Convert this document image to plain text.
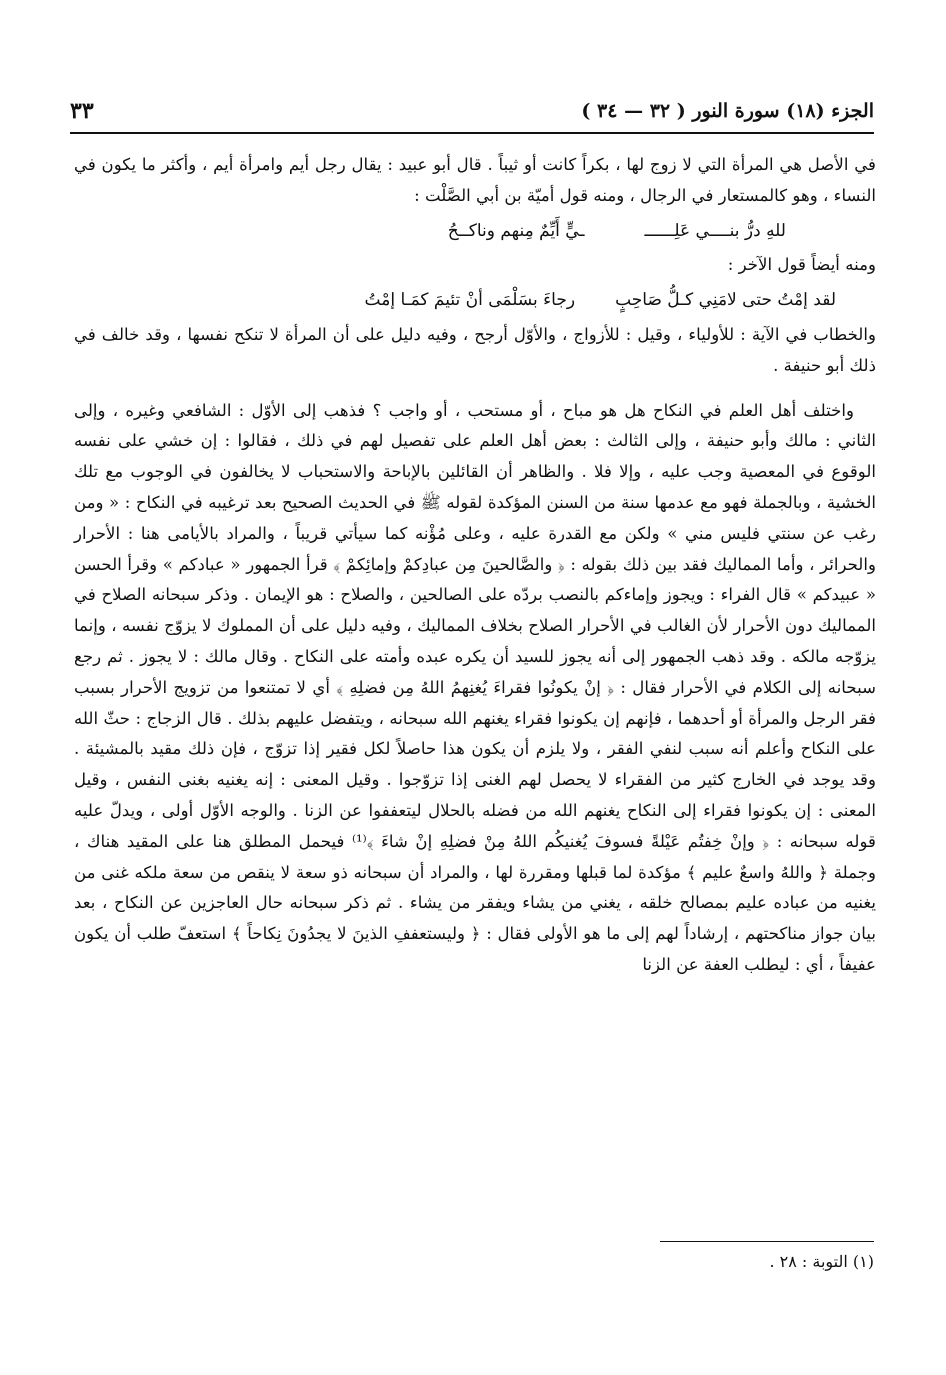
الجزء (١٨) سورة النور ( ٣٢ — ٣٤ )
٣٣

في الأصل هي المرأة التي لا زوج لها ، بكراً كانت أو ثيباً . قال أبو عبيد : يقال رجل أيم وامرأة أيم ، وأكثر ما يكون في النساء ، وهو كالمستعار في الرجال ، ومنه قول أميّة بن أبي الصَّلْت :

للهِ درُّ بنــــي عَلِــــــ
ـيٍّ أَيِّمٌ مِنهم وناكــحُ

ومنه أيضاً قول الآخر :

لقد إمْتُ حتى لامَنِي كـلُّ صَاحِبٍ
رجاءَ بسَلْمَى أنْ تئيمَ كمَـا إمْتُ

والخطاب في الآية : للأولياء ، وقيل : للأزواج ، والأوّل أرجح ، وفيه دليل على أن المرأة لا تنكح نفسها ، وقد خالف في ذلك أبو حنيفة .

واختلف أهل العلم في النكاح هل هو مباح ، أو مستحب ، أو واجب ؟ فذهب إلى الأوّل : الشافعي وغيره ، وإلى الثاني : مالك وأبو حنيفة ، وإلى الثالث : بعض أهل العلم على تفصيل لهم في ذلك ، فقالوا : إن خشي على نفسه الوقوع في المعصية وجب عليه ، وإلا فلا . والظاهر أن القائلين بالإباحة والاستحباب لا يخالفون في الوجوب مع تلك الخشية ، وبالجملة فهو مع عدمها سنة من السنن المؤكدة لقوله ﷺ في الحديث الصحيح بعد ترغيبه في النكاح : « ومن رغب عن سنتي فليس مني » ولكن مع القدرة عليه ، وعلى مُؤْنه كما سيأتي قريباً ، والمراد بالأيامى هنا : الأحرار والحرائر ، وأما المماليك فقد بين ذلك بقوله : ﴿ والصَّالحينَ مِن عبادِكمْ وإمائِكمْ ﴾ قرأ الجمهور « عبادكم » وقرأ الحسن « عبيدكم » قال الفراء : ويجوز وإماءكم بالنصب بردّه على الصالحين ، والصلاح : هو الإيمان . وذكر سبحانه الصلاح في المماليك دون الأحرار لأن الغالب في الأحرار الصلاح بخلاف المماليك ، وفيه دليل على أن المملوك لا يزوّج نفسه ، وإنما يزوّجه مالكه . وقد ذهب الجمهور إلى أنه يجوز للسيد أن يكره عبده وأمته على النكاح . وقال مالك : لا يجوز . ثم رجع سبحانه إلى الكلام في الأحرار فقال : ﴿ إنْ يكونُوا فقراءَ يُغنِهمُ اللهُ مِن فضلِهِ ﴾ أي لا تمتنعوا من تزويج الأحرار بسبب فقر الرجل والمرأة أو أحدهما ، فإنهم إن يكونوا فقراء يغنهم الله سبحانه ، ويتفضل عليهم بذلك . قال الزجاج : حثّ الله على النكاح وأعلم أنه سبب لنفي الفقر ، ولا يلزم أن يكون هذا حاصلاً لكل فقير إذا تزوّج ، فإن ذلك مقيد بالمشيئة . وقد يوجد في الخارج كثير من الفقراء لا يحصل لهم الغنى إذا تزوّجوا . وقيل المعنى : إنه يغنيه بغنى النفس ، وقيل المعنى : إن يكونوا فقراء إلى النكاح يغنهم الله من فضله بالحلال ليتعففوا عن الزنا . والوجه الأوّل أولى ، ويدلّ عليه قوله سبحانه : ﴿ وإنْ خِفتُم عَيْلةً فسوفَ يُغنيكُم اللهُ مِنْ فضلِهِ إنْ شاءَ ﴾⁽¹⁾ فيحمل المطلق هنا على المقيد هناك ، وجملة ﴿ واللهُ واسعٌ عليم ﴾ مؤكدة لما قبلها ومقررة لها ، والمراد أن سبحانه ذو سعة لا ينقص من سعة ملكه غنى من يغنيه من عباده عليم بمصالح خلقه ، يغني من يشاء ويفقر من يشاء . ثم ذكر سبحانه حال العاجزين عن النكاح ، بعد بيان جواز مناكحتهم ، إرشاداً لهم إلى ما هو الأولى فقال : ﴿ وليستعففِ الذينَ لا يجدُونَ نِكاحاً ﴾ استعفّ طلب أن يكون عفيفاً ، أي : ليطلب العفة عن الزنا

(١) التوبة : ٢٨ .
